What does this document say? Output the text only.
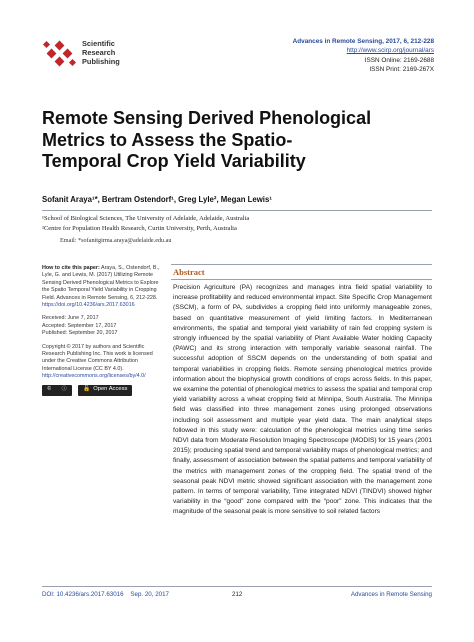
Scientific
Research
Publishing
Advances in Remote Sensing, 2017, 6, 212-228
http://www.scirp.org/journal/ars
ISSN Online: 2169-2688
ISSN Print: 2169-267X
Remote Sensing Derived Phenological Metrics to Assess the Spatio-Temporal Crop Yield Variability
Sofanit Araya¹*, Bertram Ostendorf¹, Greg Lyle², Megan Lewis¹
¹School of Biological Sciences, The University of Adelaide, Adelaide, Australia
²Centre for Population Health Research, Curtin University, Perth, Australia
Email: *sofanitgirma.araya@adelaide.edu.au
How to cite this paper: Araya, S., Ostendorf, B., Lyle, G. and Lewis, M. (2017) Utilizing Remote Sensing Derived Phenological Metrics to Explore the Spatio Temporal Yield Variability in Cropping Field. Advances in Remote Sensing, 6, 212-228.
https://doi.org/10.4236/ars.2017.63016
Received: June 7, 2017
Accepted: September 17, 2017
Published: September 20, 2017
Copyright © 2017 by authors and Scientific Research Publishing Inc. This work is licensed under the Creative Commons Attribution International License (CC BY 4.0).
http://creativecommons.org/licenses/by/4.0/
© ⓘ	🔓 Open Access
Abstract
Precision Agriculture (PA) recognizes and manages intra field spatial variability to increase profitability and reduced environmental impact. Site Specific Crop Management (SSCM), a form of PA, subdivides a cropping field into uniformly manageable zones, based on quantitative measurement of yield limiting factors. In Mediterranean environments, the spatial and temporal yield variability of rain fed cropping system is strongly influenced by the spatial variability of Plant Available Water holding Capacity (PAWC) and its strong interaction with temporally variable seasonal rainfall. The successful adoption of SSCM depends on the understanding of both spatial and temporal variabilities in cropping fields. Remote sensing phenological metrics provide information about the biophysical growth conditions of crops across fields. In this paper, we examine the potential of phenological metrics to assess the spatial and temporal crop yield variability across a wheat cropping field at Minnipa, South Australia. The Minnipa field was classified into three management zones using prolonged observations including soil assessment and multiple year yield data. The main analytical steps followed in this study were: calculation of the phenological metrics using time series NDVI data from Moderate Resolution Imaging Spectroscope (MODIS) for 15 years (2001 2015); producing spatial trend and temporal variability maps of phenological metrics; and finally, assessment of association between the spatial patterns and temporal variability of the metrics with management zones of the cropping field. The spatial trend of the seasonal peak NDVI metric showed significant association with the management zone pattern. In terms of temporal variability, Time integrated NDVI (TINDVI) showed higher variability in the “good” zone compared with the “poor” zone. This indicates that the magnitude of the seasonal peak is more sensitive to soil related factors
DOI: 10.4236/ars.2017.63016 Sep. 20, 2017	212	Advances in Remote Sensing
